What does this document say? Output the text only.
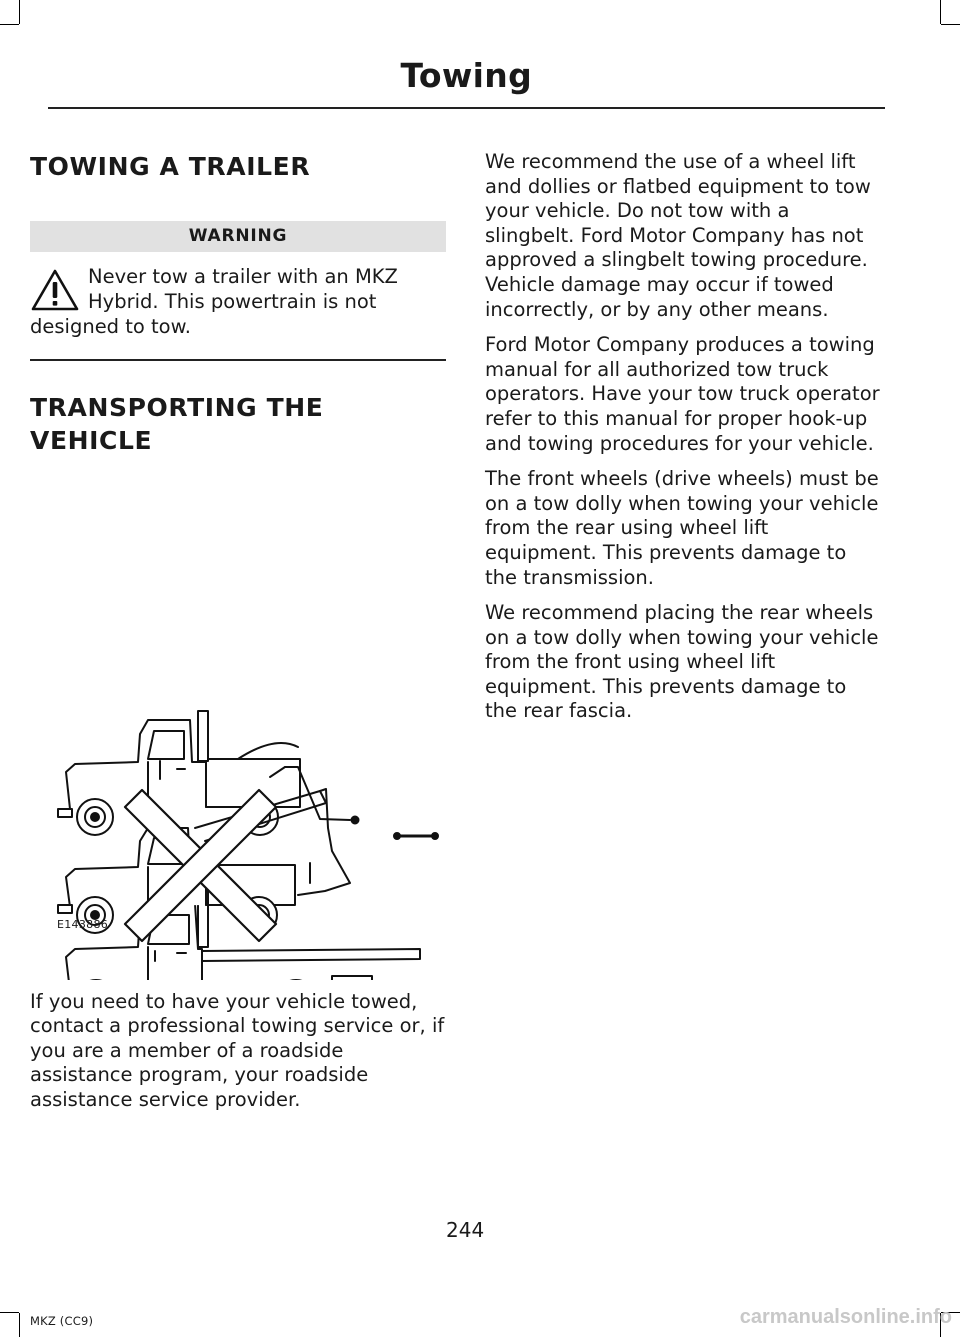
Towing
TOWING A TRAILER
WARNING
Never tow a trailer with an MKZ Hybrid. This powertrain is not designed to tow.
TRANSPORTING THE
VEHICLE
E143886

If you need to have your vehicle towed, contact a professional towing service or, if you are a member of a roadside assistance program, your roadside assistance service provider.

We recommend the use of a wheel lift and dollies or flatbed equipment to tow your vehicle. Do not tow with a slingbelt. Ford Motor Company has not approved a slingbelt towing procedure. Vehicle damage may occur if towed incorrectly, or by any other means.

Ford Motor Company produces a towing manual for all authorized tow truck operators. Have your tow truck operator refer to this manual for proper hook-up and towing procedures for your vehicle.

The front wheels (drive wheels) must be on a tow dolly when towing your vehicle from the rear using wheel lift equipment. This prevents damage to the transmission.

We recommend placing the rear wheels on a tow dolly when towing your vehicle from the front using wheel lift equipment. This prevents damage to the rear fascia.

244
MKZ (CC9)	carmanualsonline.info
